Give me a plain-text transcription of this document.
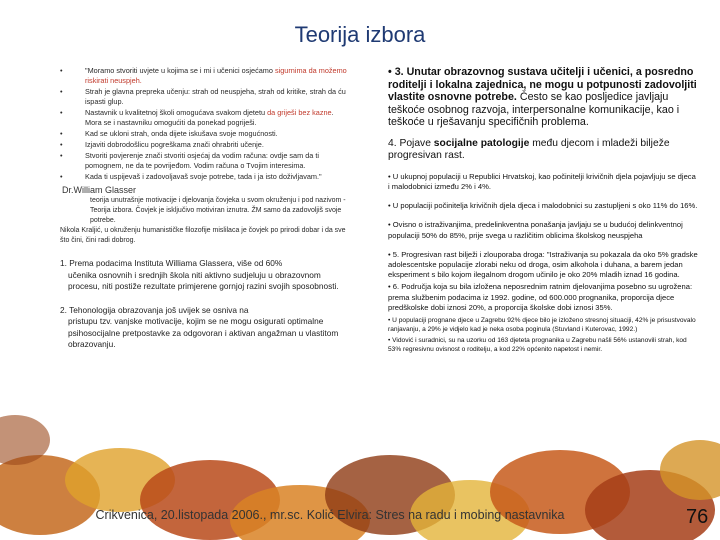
Teorija izbora
• "Moramo stvoriti uvjete u kojima se i mi i učenici osjećamo sigurnima da možemo riskirati neuspjeh.
• Strah je glavna prepreka učenju: strah od neuspjeha, strah od kritike, strah da ću ispasti glup.
• Nastavnik u kvalitetnoj školi omogućava svakom djetetu da griješi bez kazne. Mora se i nastavniku omogućiti da ponekad pogriješi.
• Kad se ukloni strah, onda dijete iskušava svoje mogućnosti.
• Izjaviti dobrodošlicu pogreškama znači ohrabriti učenje.
• Stvoriti povjerenje znači stvoriti osjećaj da vodim računa: ovdje sam da ti pomognem, ne da te povrijeđom. Vodim računa o Tvojim interesima.
• Kada ti uspijevaš i zadovoljavaš svoje potrebe, tada i ja isto doživljavam."
Dr.William Glasser
teorija unutrašnje motivacije i djelovanja čovjeka u svom okruženju i pod nazivom - Teorija izbora. Čovjek je isključivo motiviran iznutra. ŽM samo da zadovoljiš svoje potrebe.
Nikola Kraljić, u okruženju humanističke filozofije mislilaca je čovjek po prirodi dobar i da sve što čini, čini radi dobrog.
1. Prema podacima Instituta Williama Glassera, više od 60%
učenika osnovnih i srednjih škola niti aktivno sudjeluju u obrazovnom procesu, niti postiže rezultate primjerene gornjoj razini svojih sposobnosti.
2. Tehonologija obrazovanja još uvijek se osniva na
pristupu tzv. vanjske motivacije, kojim se ne mogu osigurati optimalne psihosocijalne pretpostavke za odgovoran i aktivan angažman u vlastitom obrazovanju.
• 3. Unutar obrazovnog sustava učitelji i učenici, a posredno roditelji i lokalna zajednica, ne mogu u potpunosti zadovoljiti vlastite osnovne potrebe. Često se kao posljedice javljaju teškoće osobnog razvoja, interpersonalne komunikacije, kao i teškoće u rješavanju specifičnih problema.
4. Pojave socijalne patologije među djecom i mladeži bilježe progresivan rast.
• U ukupnoj populaciji u Republici Hrvatskoj, kao počinitelji krivičnih djela pojavljuju se djeca i malodobnici između 2% i 4%.
• U populaciji počinitelja krivičnih djela djeca i malodobnici su zastupljeni s oko 11% do 16%.
• Ovisno o istraživanjima, predelinkventna ponašanja javljaju se u budućoj delinkventnoj populaciji 50% do 85%, prije svega u različitim oblicima školskog neuspjeha
• 5. Progresivan rast bilježi i zlouporaba droga: "Istraživanja su pokazala da oko 5% gradske adolescentske populacije zlorabi neku od droga, osim alkohola i duhana, a barem jedan eksperiment s bilo kojom ilegalnom drogom učinilo je oko 20% mladih iznad 16 godina.
• 6. Područja koja su bila izložena neposrednim ratnim djelovanjima posebno su ugrožena: prema službenim podacima iz 1992. godine, od 600.000 prognanika, proporcija djece predškolske dobi iznosi 20%, a proporcija školske dobi iznosi 35%.
• U populaciji prognane djece u Zagrebu 92% djece bilo je izloženo stresnoj situaciji, 42% je prisustvovalo ranjavanju, a 29% je vidjelo kad je neka osoba poginula (Stuvland i Kuterovac, 1992.)
• Vidović i suradnici, su na uzorku od 163 djeteta prognanika u Zagrebu našli 56% ustanovili strah, kod 53% regresivnu ovisnost o roditelju, a kod 22% općenito napetost i nemir.
Crikvenica, 20.listopada 2006., mr.sc. Kolić Elvira: Stres na radu i mobing nastavnika	76
